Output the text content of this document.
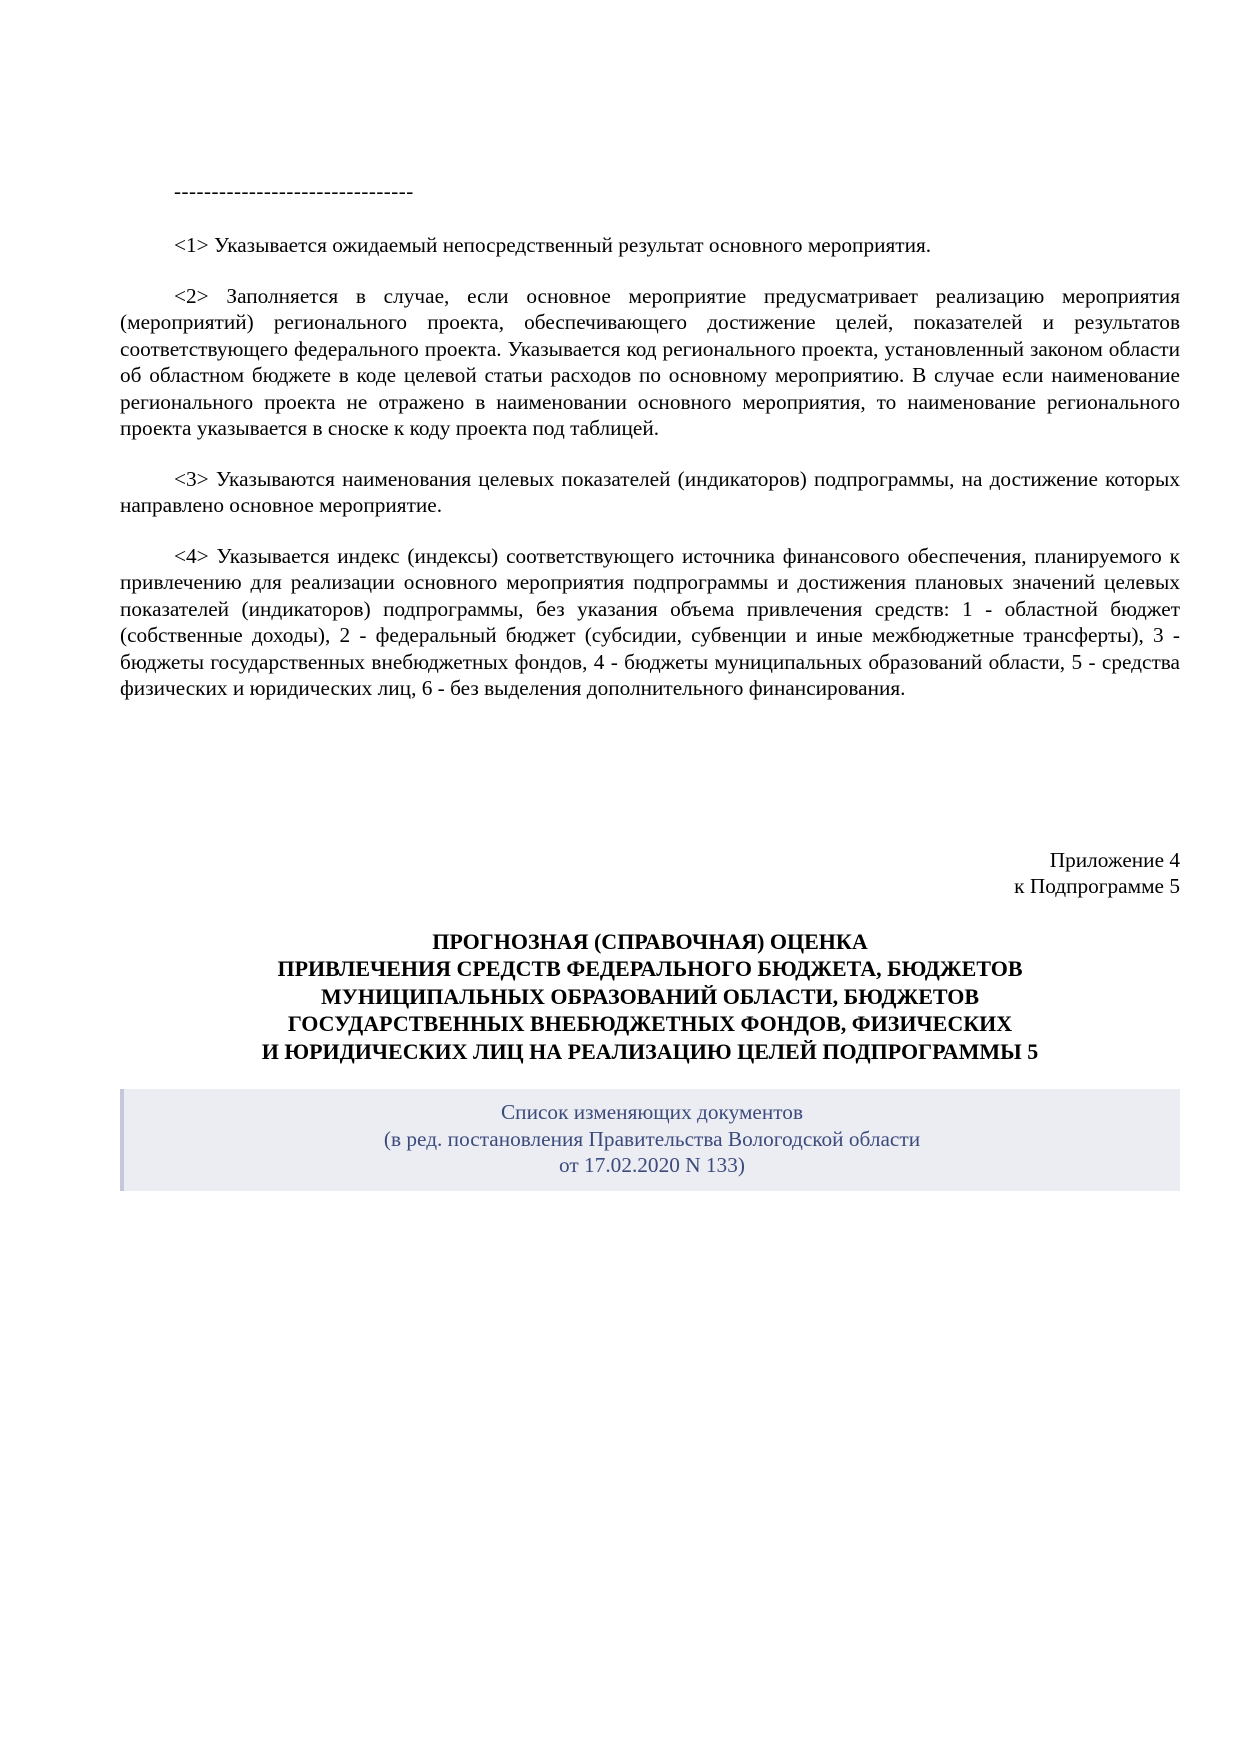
--------------------------------

<1> Указывается ожидаемый непосредственный результат основного мероприятия.

<2> Заполняется в случае, если основное мероприятие предусматривает реализацию мероприятия (мероприятий) регионального проекта, обеспечивающего достижение целей, показателей и результатов соответствующего федерального проекта. Указывается код регионального проекта, установленный законом области об областном бюджете в коде целевой статьи расходов по основному мероприятию. В случае если наименование регионального проекта не отражено в наименовании основного мероприятия, то наименование регионального проекта указывается в сноске к коду проекта под таблицей.

<3> Указываются наименования целевых показателей (индикаторов) подпрограммы, на достижение которых направлено основное мероприятие.

<4> Указывается индекс (индексы) соответствующего источника финансового обеспечения, планируемого к привлечению для реализации основного мероприятия подпрограммы и достижения плановых значений целевых показателей (индикаторов) подпрограммы, без указания объема привлечения средств: 1 - областной бюджет (собственные доходы), 2 - федеральный бюджет (субсидии, субвенции и иные межбюджетные трансферты), 3 - бюджеты государственных внебюджетных фондов, 4 - бюджеты муниципальных образований области, 5 - средства физических и юридических лиц, 6 - без выделения дополнительного финансирования.

Приложение 4
к Подпрограмме 5
ПРОГНОЗНАЯ (СПРАВОЧНАЯ) ОЦЕНКА
ПРИВЛЕЧЕНИЯ СРЕДСТВ ФЕДЕРАЛЬНОГО БЮДЖЕТА, БЮДЖЕТОВ
МУНИЦИПАЛЬНЫХ ОБРАЗОВАНИЙ ОБЛАСТИ, БЮДЖЕТОВ
ГОСУДАРСТВЕННЫХ ВНЕБЮДЖЕТНЫХ ФОНДОВ, ФИЗИЧЕСКИХ
И ЮРИДИЧЕСКИХ ЛИЦ НА РЕАЛИЗАЦИЮ ЦЕЛЕЙ ПОДПРОГРАММЫ 5
Список изменяющих документов
(в ред. постановления Правительства Вологодской области
от 17.02.2020 N 133)
